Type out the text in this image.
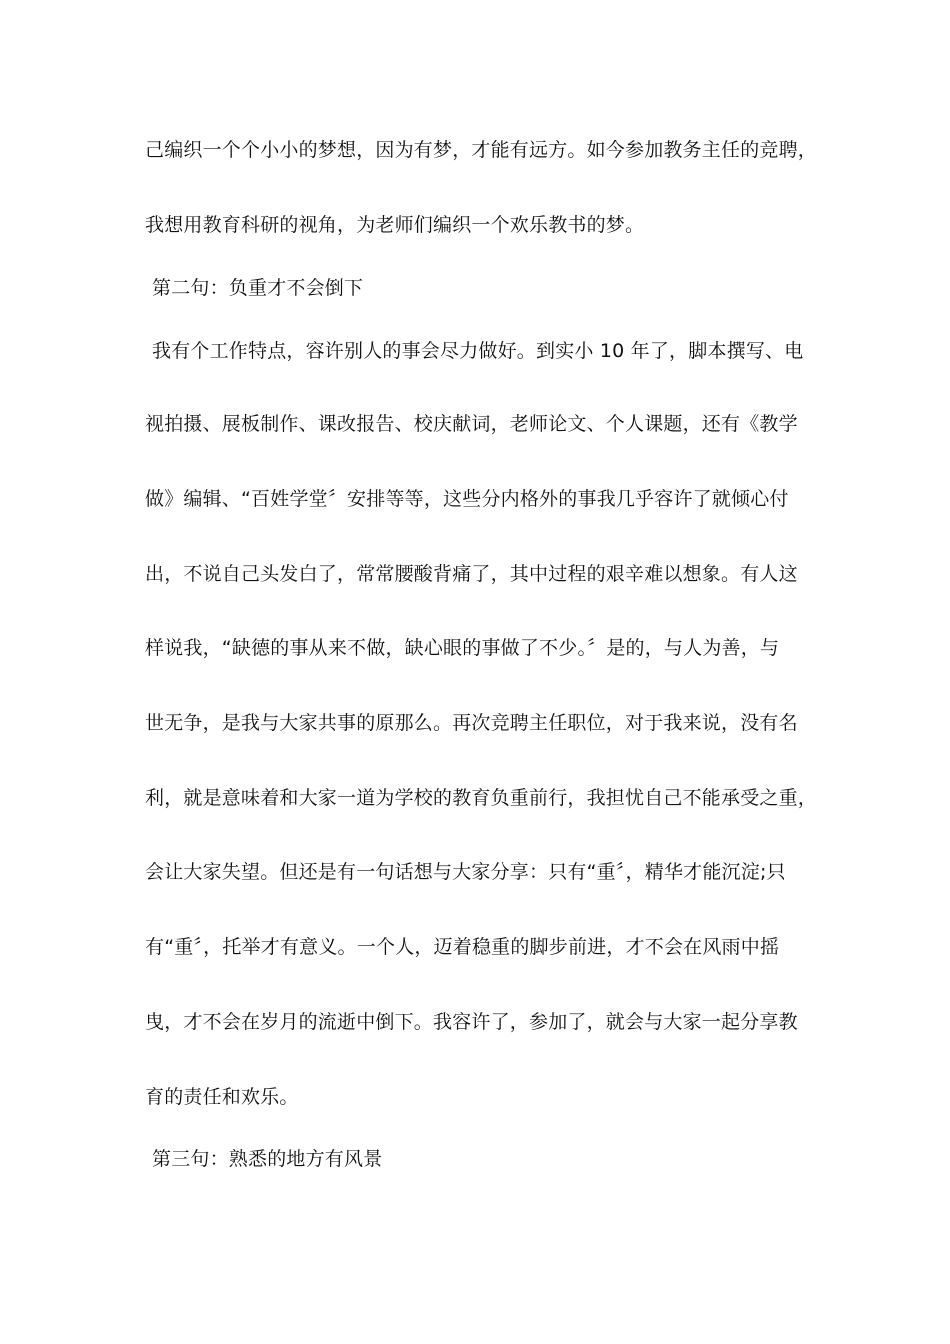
己编织一个个小小的梦想，因为有梦，才能有远方。如今参加教务主任的竞聘，
我想用教育科研的视角，为老师们编织一个欢乐教书的梦。
第二句：负重才不会倒下
我有个工作特点，容许别人的事会尽力做好。到实小 10 年了，脚本撰写、电
视拍摄、展板制作、课改报告、校庆献词，老师论文、个人课题，还有《教学
做》编辑、“百姓学堂〞安排等等，这些分内格外的事我几乎容许了就倾心付
出，不说自己头发白了，常常腰酸背痛了，其中过程的艰辛难以想象。有人这
样说我，“缺德的事从来不做，缺心眼的事做了不少。〞是的，与人为善，与
世无争，是我与大家共事的原那么。再次竞聘主任职位，对于我来说，没有名
利，就是意味着和大家一道为学校的教育负重前行，我担忧自己不能承受之重，
会让大家失望。但还是有一句话想与大家分享：只有“重〞，精华才能沉淀;只
有“重〞，托举才有意义。一个人，迈着稳重的脚步前进，才不会在风雨中摇
曳，才不会在岁月的流逝中倒下。我容许了，参加了，就会与大家一起分享教
育的责任和欢乐。
第三句：熟悉的地方有风景
